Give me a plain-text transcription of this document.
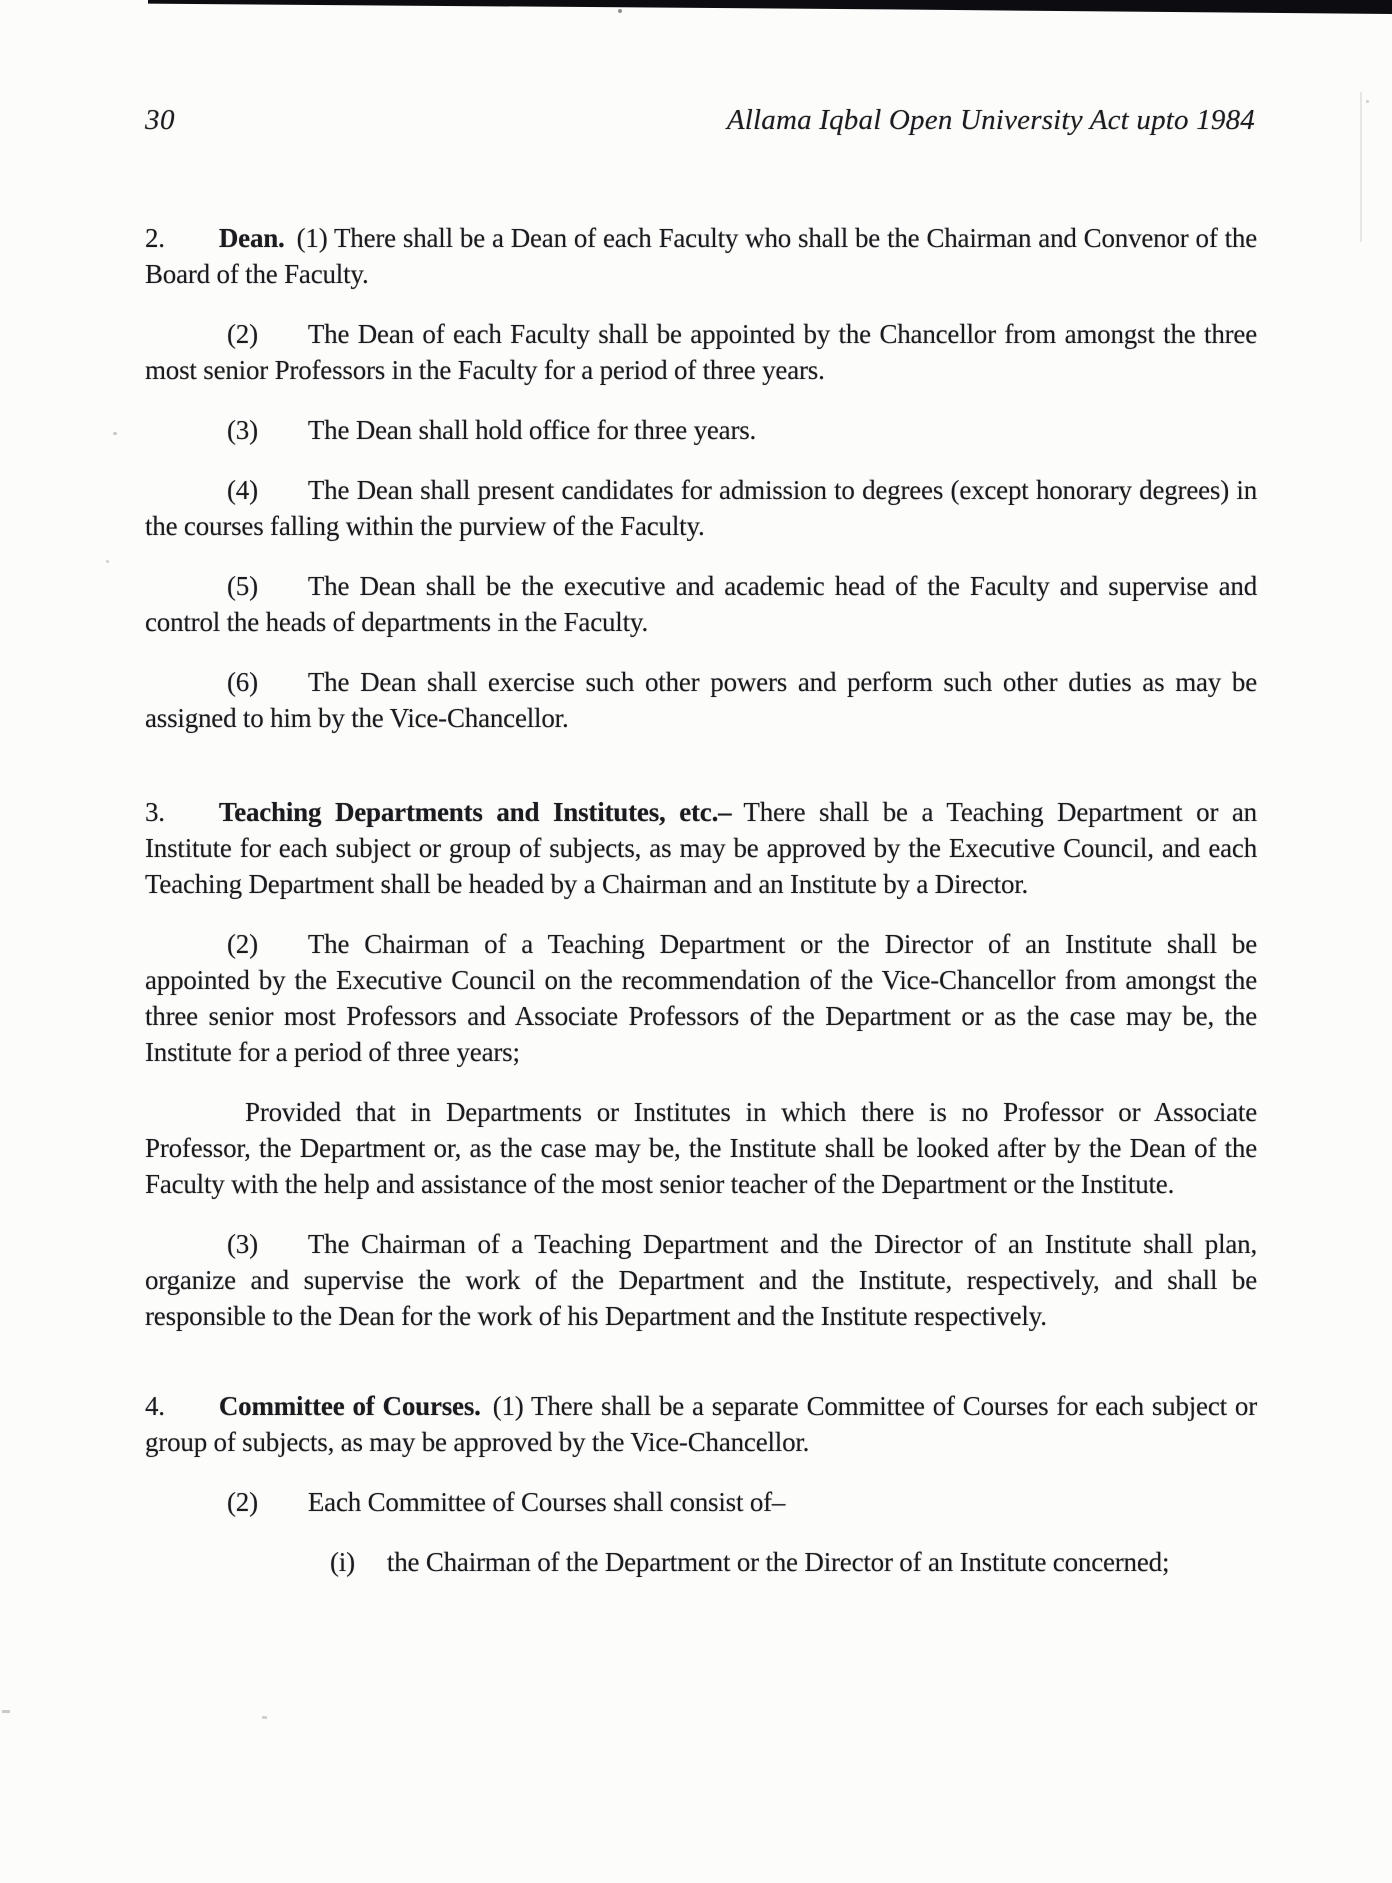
30	Allama Iqbal Open University Act upto 1984

2. Dean. (1) There shall be a Dean of each Faculty who shall be the Chairman and Convenor of the Board of the Faculty.

(2) The Dean of each Faculty shall be appointed by the Chancellor from amongst the three most senior Professors in the Faculty for a period of three years.

(3) The Dean shall hold office for three years.

(4) The Dean shall present candidates for admission to degrees (except honorary degrees) in the courses falling within the purview of the Faculty.

(5) The Dean shall be the executive and academic head of the Faculty and supervise and control the heads of departments in the Faculty.

(6) The Dean shall exercise such other powers and perform such other duties as may be assigned to him by the Vice-Chancellor.

3. Teaching Departments and Institutes, etc.– There shall be a Teaching Department or an Institute for each subject or group of subjects, as may be approved by the Executive Council, and each Teaching Department shall be headed by a Chairman and an Institute by a Director.

(2) The Chairman of a Teaching Department or the Director of an Institute shall be appointed by the Executive Council on the recommendation of the Vice-Chancellor from amongst the three senior most Professors and Associate Professors of the Department or as the case may be, the Institute for a period of three years;

Provided that in Departments or Institutes in which there is no Professor or Associate Professor, the Department or, as the case may be, the Institute shall be looked after by the Dean of the Faculty with the help and assistance of the most senior teacher of the Department or the Institute.

(3) The Chairman of a Teaching Department and the Director of an Institute shall plan, organize and supervise the work of the Department and the Institute, respectively, and shall be responsible to the Dean for the work of his Department and the Institute respectively.

4. Committee of Courses. (1) There shall be a separate Committee of Courses for each subject or group of subjects, as may be approved by the Vice-Chancellor.

(2) Each Committee of Courses shall consist of–

(i) the Chairman of the Department or the Director of an Institute concerned;
